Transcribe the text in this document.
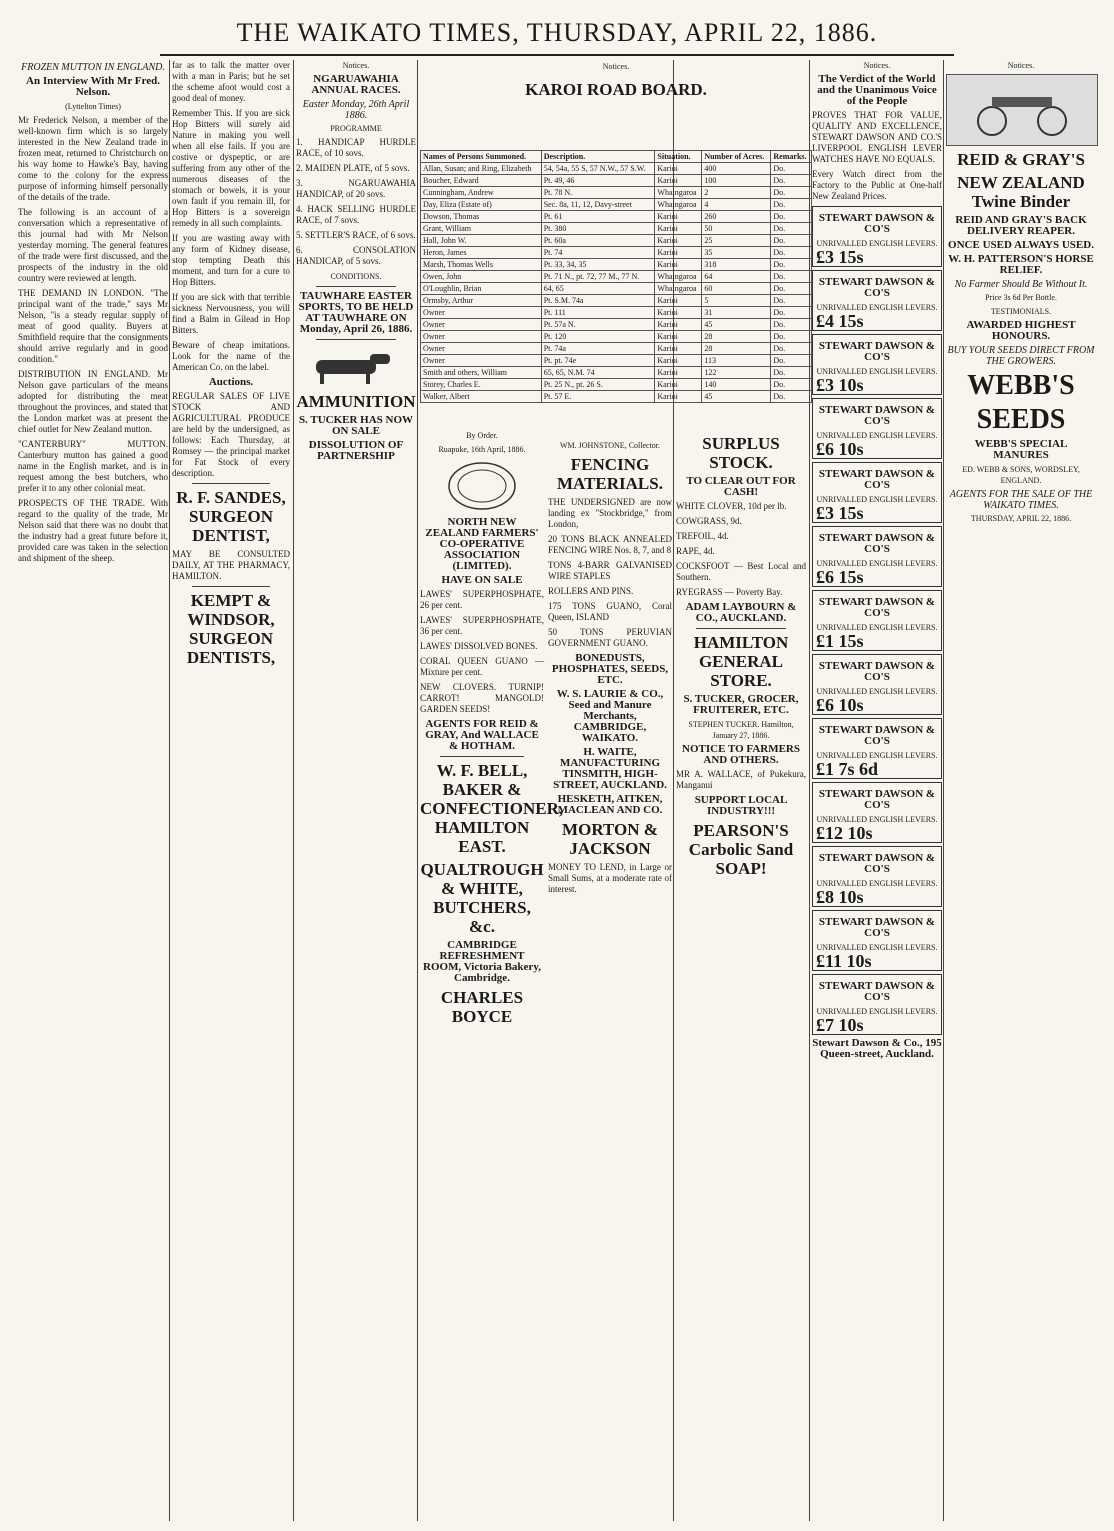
THE WAIKATO TIMES, THURSDAY, APRIL 22, 1886.
FROZEN MUTTON IN ENGLAND.
An Interview With Mr Fred. Nelson.
(Lyttelton Times)

Mr Frederick Nelson, a member of the well-known firm which is so largely interested in the New Zealand trade in frozen meat, returned to Christchurch on his way home to Hawke's Bay, having come to the colony for the express purpose of informing himself personally of the details of the trade.

The following is an account of a conversation which a representative of this journal had with Mr Nelson yesterday morning. The general features of the trade were first discussed, and the prospects of the industry in the old country were reviewed at length.

THE DEMAND IN LONDON. "The principal want of the trade," says Mr Nelson, "is a steady regular supply of meat of good quality. Buyers at Smithfield require that the consignments should arrive regularly and in good condition."

DISTRIBUTION IN ENGLAND. Mr Nelson gave particulars of the means adopted for distributing the meat throughout the provinces, and stated that the London market was at present the chief outlet for New Zealand mutton.

"CANTERBURY" MUTTON. Canterbury mutton has gained a good name in the English market, and is in request among the best butchers, who prefer it to any other colonial meat.

PROSPECTS OF THE TRADE. With regard to the quality of the trade, Mr Nelson said that there was no doubt that the industry had a great future before it, provided care was taken in the selection and shipment of the sheep.

far as to talk the matter over with a man in Paris; but he set the scheme afoot would cost a good deal of money.

Remember This. If you are sick Hop Bitters will surely aid Nature in making you well when all else fails. If you are costive or dyspeptic, or are suffering from any other of the numerous diseases of the stomach or bowels, it is your own fault if you remain ill, for Hop Bitters is a sovereign remedy in all such complaints.

If you are wasting away with any form of Kidney disease, stop tempting Death this moment, and turn for a cure to Hop Bitters.

If you are sick with that terrible sickness Nervousness, you will find a Balm in Gilead in Hop Bitters.

Beware of cheap imitations. Look for the name of the American Co. on the label.

Auctions.

REGULAR SALES OF LIVE STOCK AND AGRICULTURAL PRODUCE are held by the undersigned, as follows: Each Thursday, at Romsey — the principal market for Fat Stock of every description.

R. F. SANDES, SURGEON DENTIST,

MAY BE CONSULTED DAILY, AT THE PHARMACY, HAMILTON.

KEMPT & WINDSOR, SURGEON DENTISTS,
Notices.
NGARUAWAHIA ANNUAL RACES.
Easter Monday, 26th April 1886.
PROGRAMME

1. HANDICAP HURDLE RACE, of 10 sovs.

2. MAIDEN PLATE, of 5 sovs.

3. NGARUAWAHIA HANDICAP, of 20 sovs.

4. HACK SELLING HURDLE RACE, of 7 sovs.

5. SETTLER'S RACE, of 6 sovs.

6. CONSOLATION HANDICAP, of 5 sovs.

CONDITIONS.
TAUWHARE EASTER SPORTS, TO BE HELD AT TAUWHARE ON Monday, April 26, 1886.
AMMUNITION
S. TUCKER HAS NOW ON SALE
DISSOLUTION OF PARTNERSHIP
Notices.
KAROI ROAD BOARD.
Names of Persons Summoned.	Description.	Situation.	Number of Acres.	Remarks.
Allan, Susan; and Ring, Elizabeth	54, 54a, 55 S, 57 N.W., 57 S.W.	Karioi	400	Do.
Boucher, Edward	Pt. 49, 46	Karioi	100	Do.
Cunningham, Andrew	Pt. 78 N.	Whaingaroa	2	Do.
Day, Eliza (Estate of)	Sec. 8a, 11, 12, Davy-street	Whaingaroa	4	Do.
Dowson, Thomas	Pt. 61	Karioi	260	Do.
Grant, William	Pt. 380	Karioi	50	Do.
Hall, John W.	Pt. 60a	Karioi	25	Do.
Heron, James	Pt. 74	Karioi	35	Do.
Marsh, Thomas Wells	Pt. 33, 34, 35	Karioi	318	Do.
Owen, John	Pt. 71 N., pt. 72, 77 M., 77 N.	Whaingaroa	64	Do.
O'Loughlin, Brian	64, 65	Whaingaroa	60	Do.
Ormsby, Arthur	Pt. S.M. 74a	Karioi	5	Do.
Owner	Pt. 111	Karioi	31	Do.
Owner	Pt. 57a N.	Karioi	45	Do.
Owner	Pt. 120	Karioi	28	Do.
Owner	Pt. 74a	Karioi	28	Do.
Owner	Pt. pt. 74e	Karioi	113	Do.
Smith and others, William	65, 65, N.M. 74	Karioi	122	Do.
Storey, Charles E.	Pt. 25 N., pt. 26 S.	Karioi	140	Do.
Walker, Albert	Pt. 57 E.	Karioi	45	Do.
By Order.
Ruapuke, 16th April, 1886.
NORTH NEW ZEALAND FARMERS' CO-OPERATIVE ASSOCIATION (LIMITED).
HAVE ON SALE

LAWES' SUPERPHOSPHATE, 26 per cent.

LAWES' SUPERPHOSPHATE, 36 per cent.

LAWES' DISSOLVED BONES.

CORAL QUEEN GUANO — Mixture per cent.

NEW CLOVERS. TURNIP! CARROT! MANGOLD! GARDEN SEEDS!

AGENTS FOR REID & GRAY, And WALLACE & HOTHAM.
W. F. BELL, BAKER & CONFECTIONER, HAMILTON EAST.
QUALTROUGH & WHITE, BUTCHERS, &c.
CAMBRIDGE REFRESHMENT ROOM, Victoria Bakery, Cambridge.
CHARLES BOYCE
WM. JOHNSTONE, Collector.
FENCING MATERIALS.

THE UNDERSIGNED are now landing ex "Stockbridge," from London,

20 TONS BLACK ANNEALED FENCING WIRE Nos. 8, 7, and 8

TONS 4-BARR GALVANISED WIRE STAPLES

ROLLERS AND PINS.

175 TONS GUANO, Coral Queen, ISLAND

50 TONS PERUVIAN GOVERNMENT GUANO.

BONEDUSTS, PHOSPHATES, SEEDS, ETC.
W. S. LAURIE & CO., Seed and Manure Merchants, CAMBRIDGE, WAIKATO.
H. WAITE, MANUFACTURING TINSMITH, HIGH-STREET, AUCKLAND.
HESKETH, AITKEN, MACLEAN AND CO.
MORTON & JACKSON

MONEY TO LEND, in Large or Small Sums, at a moderate rate of interest.

SURPLUS STOCK.
TO CLEAR OUT FOR CASH!

WHITE CLOVER, 10d per lb.

COWGRASS, 9d.

TREFOIL, 4d.

RAPE, 4d.

COCKSFOOT — Best Local and Southern.

RYEGRASS — Poverty Bay.

ADAM LAYBOURN & CO., AUCKLAND.
HAMILTON GENERAL STORE.
S. TUCKER, GROCER, FRUITERER, ETC.
STEPHEN TUCKER. Hamilton, January 27, 1886.
NOTICE TO FARMERS AND OTHERS.

MR A. WALLACE, of Pukekura, Manganui

SUPPORT LOCAL INDUSTRY!!!
PEARSON'S Carbolic Sand SOAP!
Notices.
The Verdict of the World and the Unanimous Voice of the People

PROVES THAT FOR VALUE, QUALITY AND EXCELLENCE, STEWART DAWSON AND CO.'S LIVERPOOL ENGLISH LEVER WATCHES HAVE NO EQUALS.

Every Watch direct from the Factory to the Public at One-half New Zealand Prices.

STEWART DAWSON & CO'S
UNRIVALLED ENGLISH LEVERS.
£3 15s
STEWART DAWSON & CO'S
UNRIVALLED ENGLISH LEVERS.
£4 15s
STEWART DAWSON & CO'S
UNRIVALLED ENGLISH LEVERS.
£3 10s
STEWART DAWSON & CO'S
UNRIVALLED ENGLISH LEVERS.
£6 10s
STEWART DAWSON & CO'S
UNRIVALLED ENGLISH LEVERS.
£3 15s
STEWART DAWSON & CO'S
UNRIVALLED ENGLISH LEVERS.
£6 15s
STEWART DAWSON & CO'S
UNRIVALLED ENGLISH LEVERS.
£1 15s
STEWART DAWSON & CO'S
UNRIVALLED ENGLISH LEVERS.
£6 10s
STEWART DAWSON & CO'S
UNRIVALLED ENGLISH LEVERS.
£1 7s 6d
STEWART DAWSON & CO'S
UNRIVALLED ENGLISH LEVERS.
£12 10s
STEWART DAWSON & CO'S
UNRIVALLED ENGLISH LEVERS.
£8 10s
STEWART DAWSON & CO'S
UNRIVALLED ENGLISH LEVERS.
£11 10s
STEWART DAWSON & CO'S
UNRIVALLED ENGLISH LEVERS.
£7 10s
Stewart Dawson & Co., 195 Queen-street, Auckland.
Notices.
REID & GRAY'S
NEW ZEALAND Twine Binder
REID AND GRAY'S BACK DELIVERY REAPER.
ONCE USED ALWAYS USED.
W. H. PATTERSON'S HORSE RELIEF.
No Farmer Should Be Without It.
Price 3s 6d Per Bottle.
TESTIMONIALS.
AWARDED HIGHEST HONOURS.
BUY YOUR SEEDS DIRECT FROM THE GROWERS.
WEBB'S
SEEDS
WEBB'S SPECIAL MANURES
ED. WEBB & SONS, WORDSLEY, ENGLAND.
AGENTS FOR THE SALE OF THE WAIKATO TIMES.
THURSDAY, APRIL 22, 1886.
